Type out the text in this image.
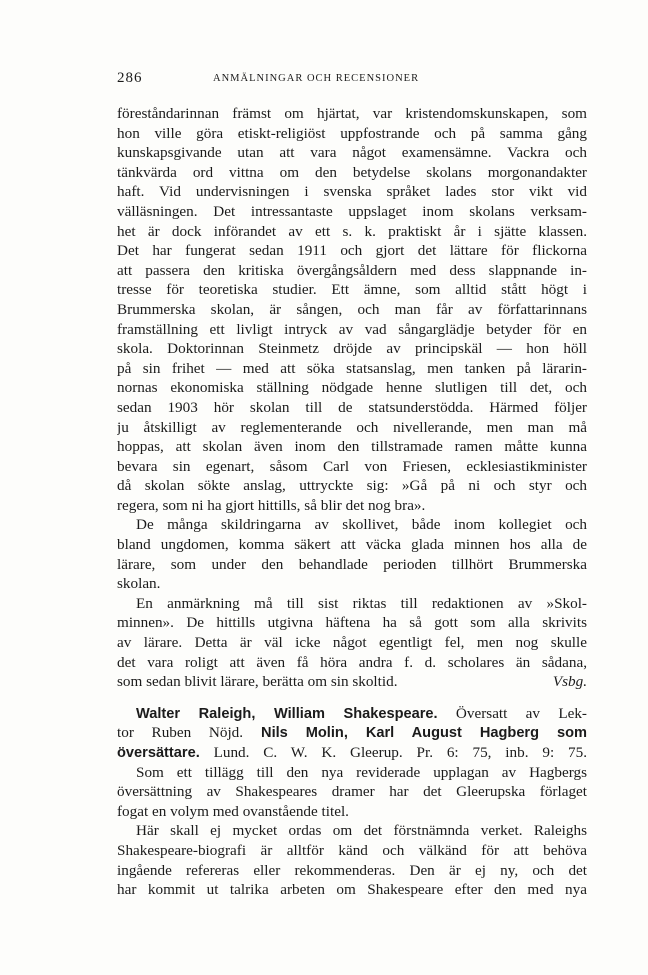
286	ANMÄLNINGAR OCH RECENSIONER
föreståndarinnan främst om hjärtat, var kristendomskunskapen, som
hon ville göra etiskt-religiöst uppfostrande och på samma gång
kunskapsgivande utan att vara något examensämne. Vackra och
tänkvärda ord vittna om den betydelse skolans morgonandakter
haft. Vid undervisningen i svenska språket lades stor vikt vid
välläsningen. Det intressantaste uppslaget inom skolans verksam-
het är dock införandet av ett s. k. praktiskt år i sjätte klassen.
Det har fungerat sedan 1911 och gjort det lättare för flickorna
att passera den kritiska övergångsåldern med dess slappnande in-
tresse för teoretiska studier. Ett ämne, som alltid stått högt i
Brummerska skolan, är sången, och man får av författarinnans
framställning ett livligt intryck av vad sångarglädje betyder för en
skola. Doktorinnan Steinmetz dröjde av principskäl — hon höll
på sin frihet — med att söka statsanslag, men tanken på lärarin-
nornas ekonomiska ställning nödgade henne slutligen till det, och
sedan 1903 hör skolan till de statsunderstödda. Härmed följer
ju åtskilligt av reglementerande och nivellerande, men man må
hoppas, att skolan även inom den tillstramade ramen måtte kunna
bevara sin egenart, såsom Carl von Friesen, ecklesiastikminister
då skolan sökte anslag, uttryckte sig: »Gå på ni och styr och
regera, som ni ha gjort hittills, så blir det nog bra».
De många skildringarna av skollivet, både inom kollegiet och
bland ungdomen, komma säkert att väcka glada minnen hos alla de
lärare, som under den behandlade perioden tillhört Brummerska
skolan.
En anmärkning må till sist riktas till redaktionen av »Skol-
minnen». De hittills utgivna häftena ha så gott som alla skrivits
av lärare. Detta är väl icke något egentligt fel, men nog skulle
det vara roligt att även få höra andra f. d. scholares än sådana,
som sedan blivit lärare, berätta om sin skoltid.	Vsbg.
Walter Raleigh, William Shakespeare. Översatt av Lek-
tor Ruben Nöjd. Nils Molin, Karl August Hagberg som
översättare. Lund. C. W. K. Gleerup. Pr. 6: 75, inb. 9: 75.
Som ett tillägg till den nya reviderade upplagan av Hagbergs
översättning av Shakespeares dramer har det Gleerupska förlaget
fogat en volym med ovanstående titel.
Här skall ej mycket ordas om det förstnämnda verket. Raleighs
Shakespeare-biografi är alltför känd och välkänd för att behöva
ingående refereras eller rekommenderas. Den är ej ny, och det
har kommit ut talrika arbeten om Shakespeare efter den med nya
